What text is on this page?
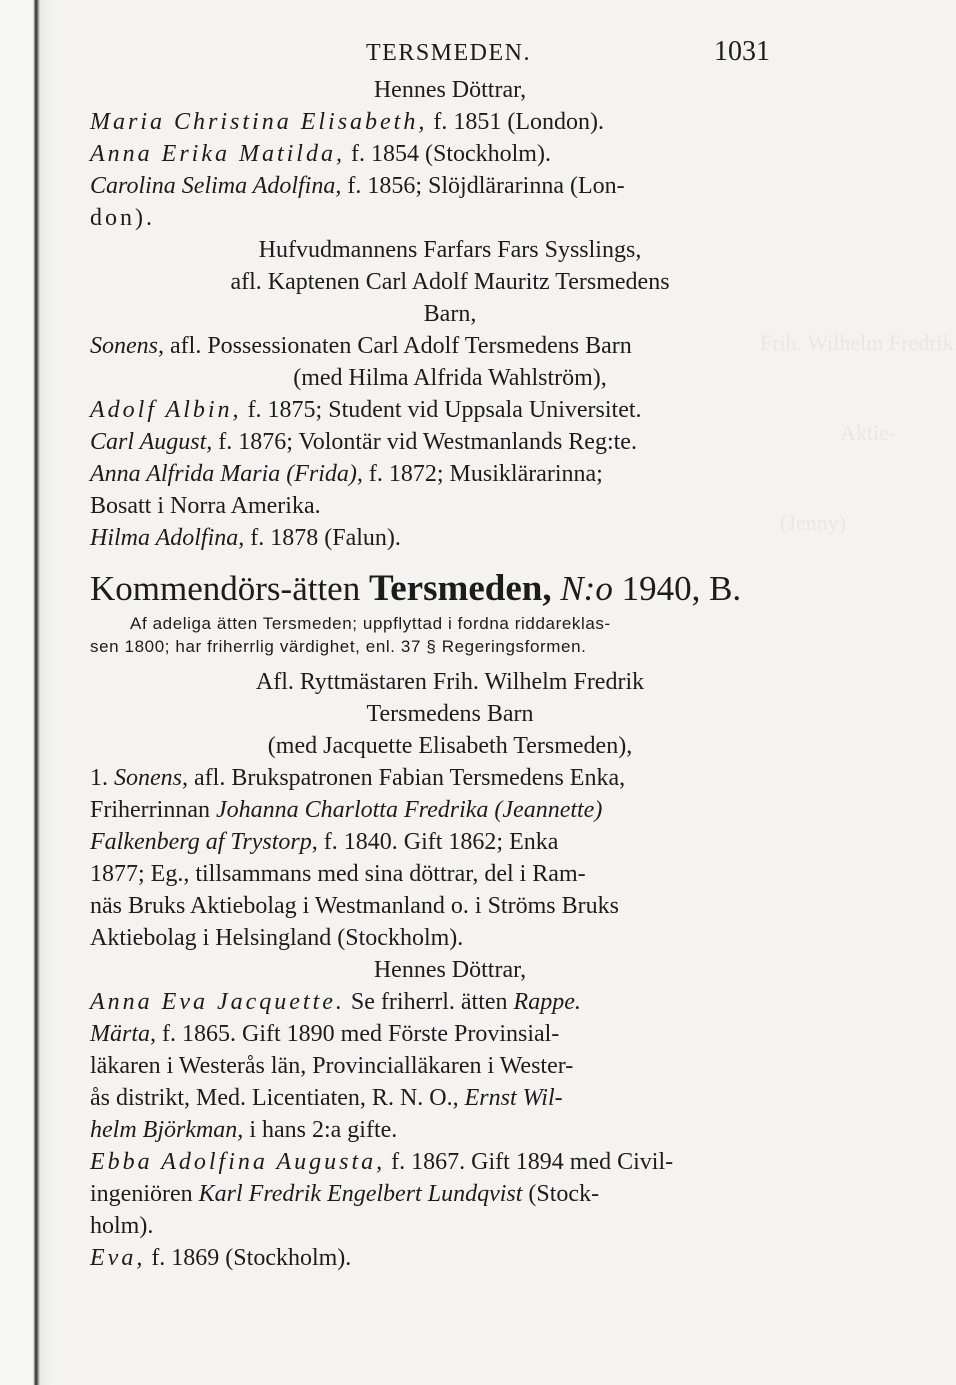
Frih. Wilhelm Fredrik
Aktie-
(Jenny)
TERSMEDEN.	1031
Hennes Döttrar,
Maria Christina Elisabeth, f. 1851 (London).
Anna Erika Matilda, f. 1854 (Stockholm).
Carolina Selima Adolfina, f. 1856; Slöjdlärarinna (Lon-
don).
Hufvudmannens Farfars Fars Sysslings,
afl. Kaptenen Carl Adolf Mauritz Tersmedens
Barn,
Sonens, afl. Possessionaten Carl Adolf Tersmedens Barn
(med Hilma Alfrida Wahlström),
Adolf Albin, f. 1875; Student vid Uppsala Universitet.
Carl August, f. 1876; Volontär vid Westmanlands Reg:te.
Anna Alfrida Maria (Frida), f. 1872; Musiklärarinna;
Bosatt i Norra Amerika.
Hilma Adolfina, f. 1878 (Falun).
Kommendörs-ätten Tersmeden, N:o 1940, B.
Af adeliga ätten Tersmeden; uppflyttad i fordna riddareklas-
sen 1800; har friherrlig värdighet, enl. 37 § Regeringsformen.
Afl. Ryttmästaren Frih. Wilhelm Fredrik
Tersmedens Barn
(med Jacquette Elisabeth Tersmeden),
1. Sonens, afl. Brukspatronen Fabian Tersmedens Enka,
Friherrinnan Johanna Charlotta Fredrika (Jeannette)
Falkenberg af Trystorp, f. 1840. Gift 1862; Enka
1877; Eg., tillsammans med sina döttrar, del i Ram-
näs Bruks Aktiebolag i Westmanland o. i Ströms Bruks
Aktiebolag i Helsingland (Stockholm).
Hennes Döttrar,
Anna Eva Jacquette. Se friherrl. ätten Rappe.
Märta, f. 1865. Gift 1890 med Förste Provinsial-
läkaren i Westerås län, Provincialläkaren i Wester-
ås distrikt, Med. Licentiaten, R. N. O., Ernst Wil-
helm Björkman, i hans 2:a gifte.
Ebba Adolfina Augusta, f. 1867. Gift 1894 med Civil-
ingeniören Karl Fredrik Engelbert Lundqvist (Stock-
holm).
Eva, f. 1869 (Stockholm).
